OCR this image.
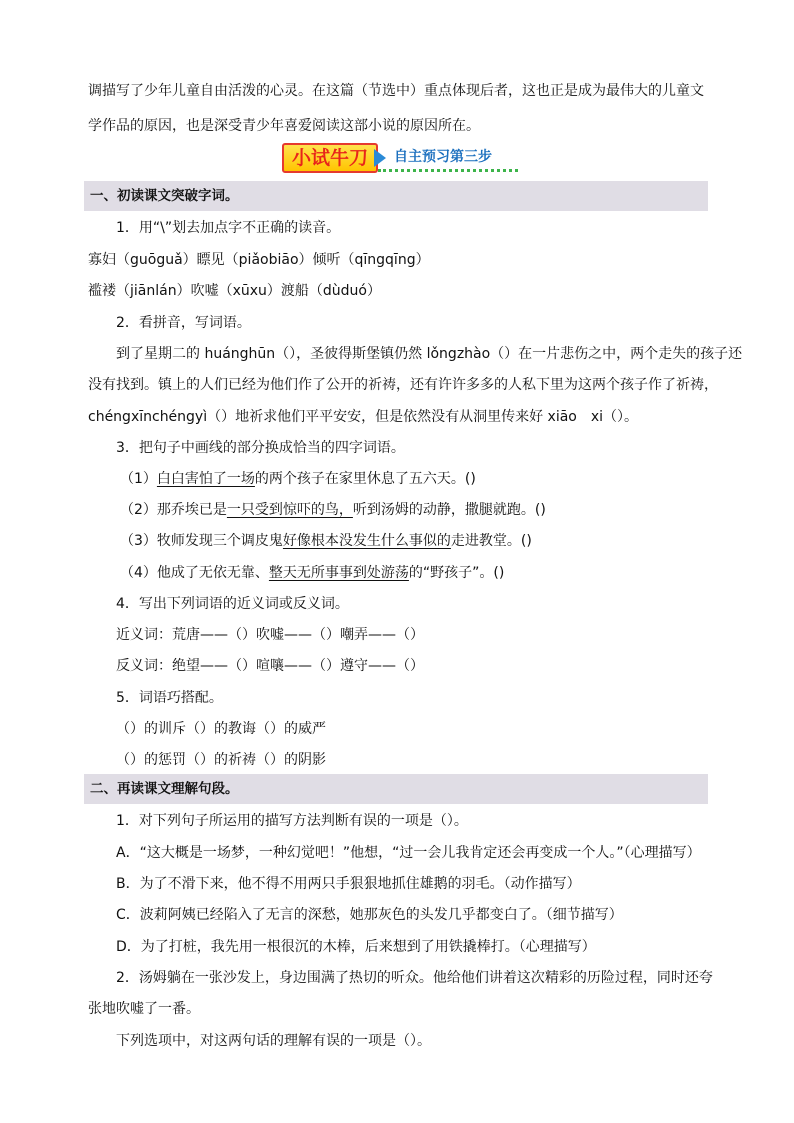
调描写了少年儿童自由活泼的心灵。在这篇（节选中）重点体现后者，这也正是成为最伟大的儿童文

学作品的原因，也是深受青少年喜爱阅读这部小说的原因所在。

小试牛刀	自主预习第三步
一、初读课文突破字词。
1．用“\”划去加点字不正确的读音。
寡妇（guōguǎ）瞟见（piǎobiāo）倾听（qīngqīng）
褴褛（jiānlán）吹嘘（xūxu）渡船（dùduó）
2．看拼音，写词语。
到了星期二的 huánghūn（），圣彼得斯堡镇仍然 lǒngzhào（）在一片悲伤之中，两个走失的孩子还
没有找到。镇上的人们已经为他们作了公开的祈祷，还有许许多多的人私下里为这两个孩子作了祈祷，
chéngxīnchéngyì（）地祈求他们平平安安，但是依然没有从洞里传来好 xiāo　xi（）。
3．把句子中画线的部分换成恰当的四字词语。
（1）白白害怕了一场的两个孩子在家里休息了五六天。()
（2）那乔埃已是一只受到惊吓的鸟，听到汤姆的动静，撒腿就跑。()
（3）牧师发现三个调皮鬼好像根本没发生什么事似的走进教堂。()
（4）他成了无依无靠、整天无所事事到处游荡的“野孩子”。()
4．写出下列词语的近义词或反义词。
近义词：荒唐——（）吹嘘——（）嘲弄——（）
反义词：绝望——（）喧嚷——（）遵守——（）
5．词语巧搭配。
（）的训斥（）的教诲（）的威严
（）的惩罚（）的祈祷（）的阴影
二、再读课文理解句段。
1．对下列句子所运用的描写方法判断有误的一项是（）。
A．“这大概是一场梦，一种幻觉吧！”他想，“过一会儿我肯定还会再变成一个人。”（心理描写）
B．为了不滑下来，他不得不用两只手狠狠地抓住雄鹅的羽毛。（动作描写）
C．波莉阿姨已经陷入了无言的深愁，她那灰色的头发几乎都变白了。（细节描写）
D．为了打桩，我先用一根很沉的木棒，后来想到了用铁撬棒打。（心理描写）
2．汤姆躺在一张沙发上，身边围满了热切的听众。他给他们讲着这次精彩的历险过程，同时还夸
张地吹嘘了一番。
下列选项中，对这两句话的理解有误的一项是（）。
